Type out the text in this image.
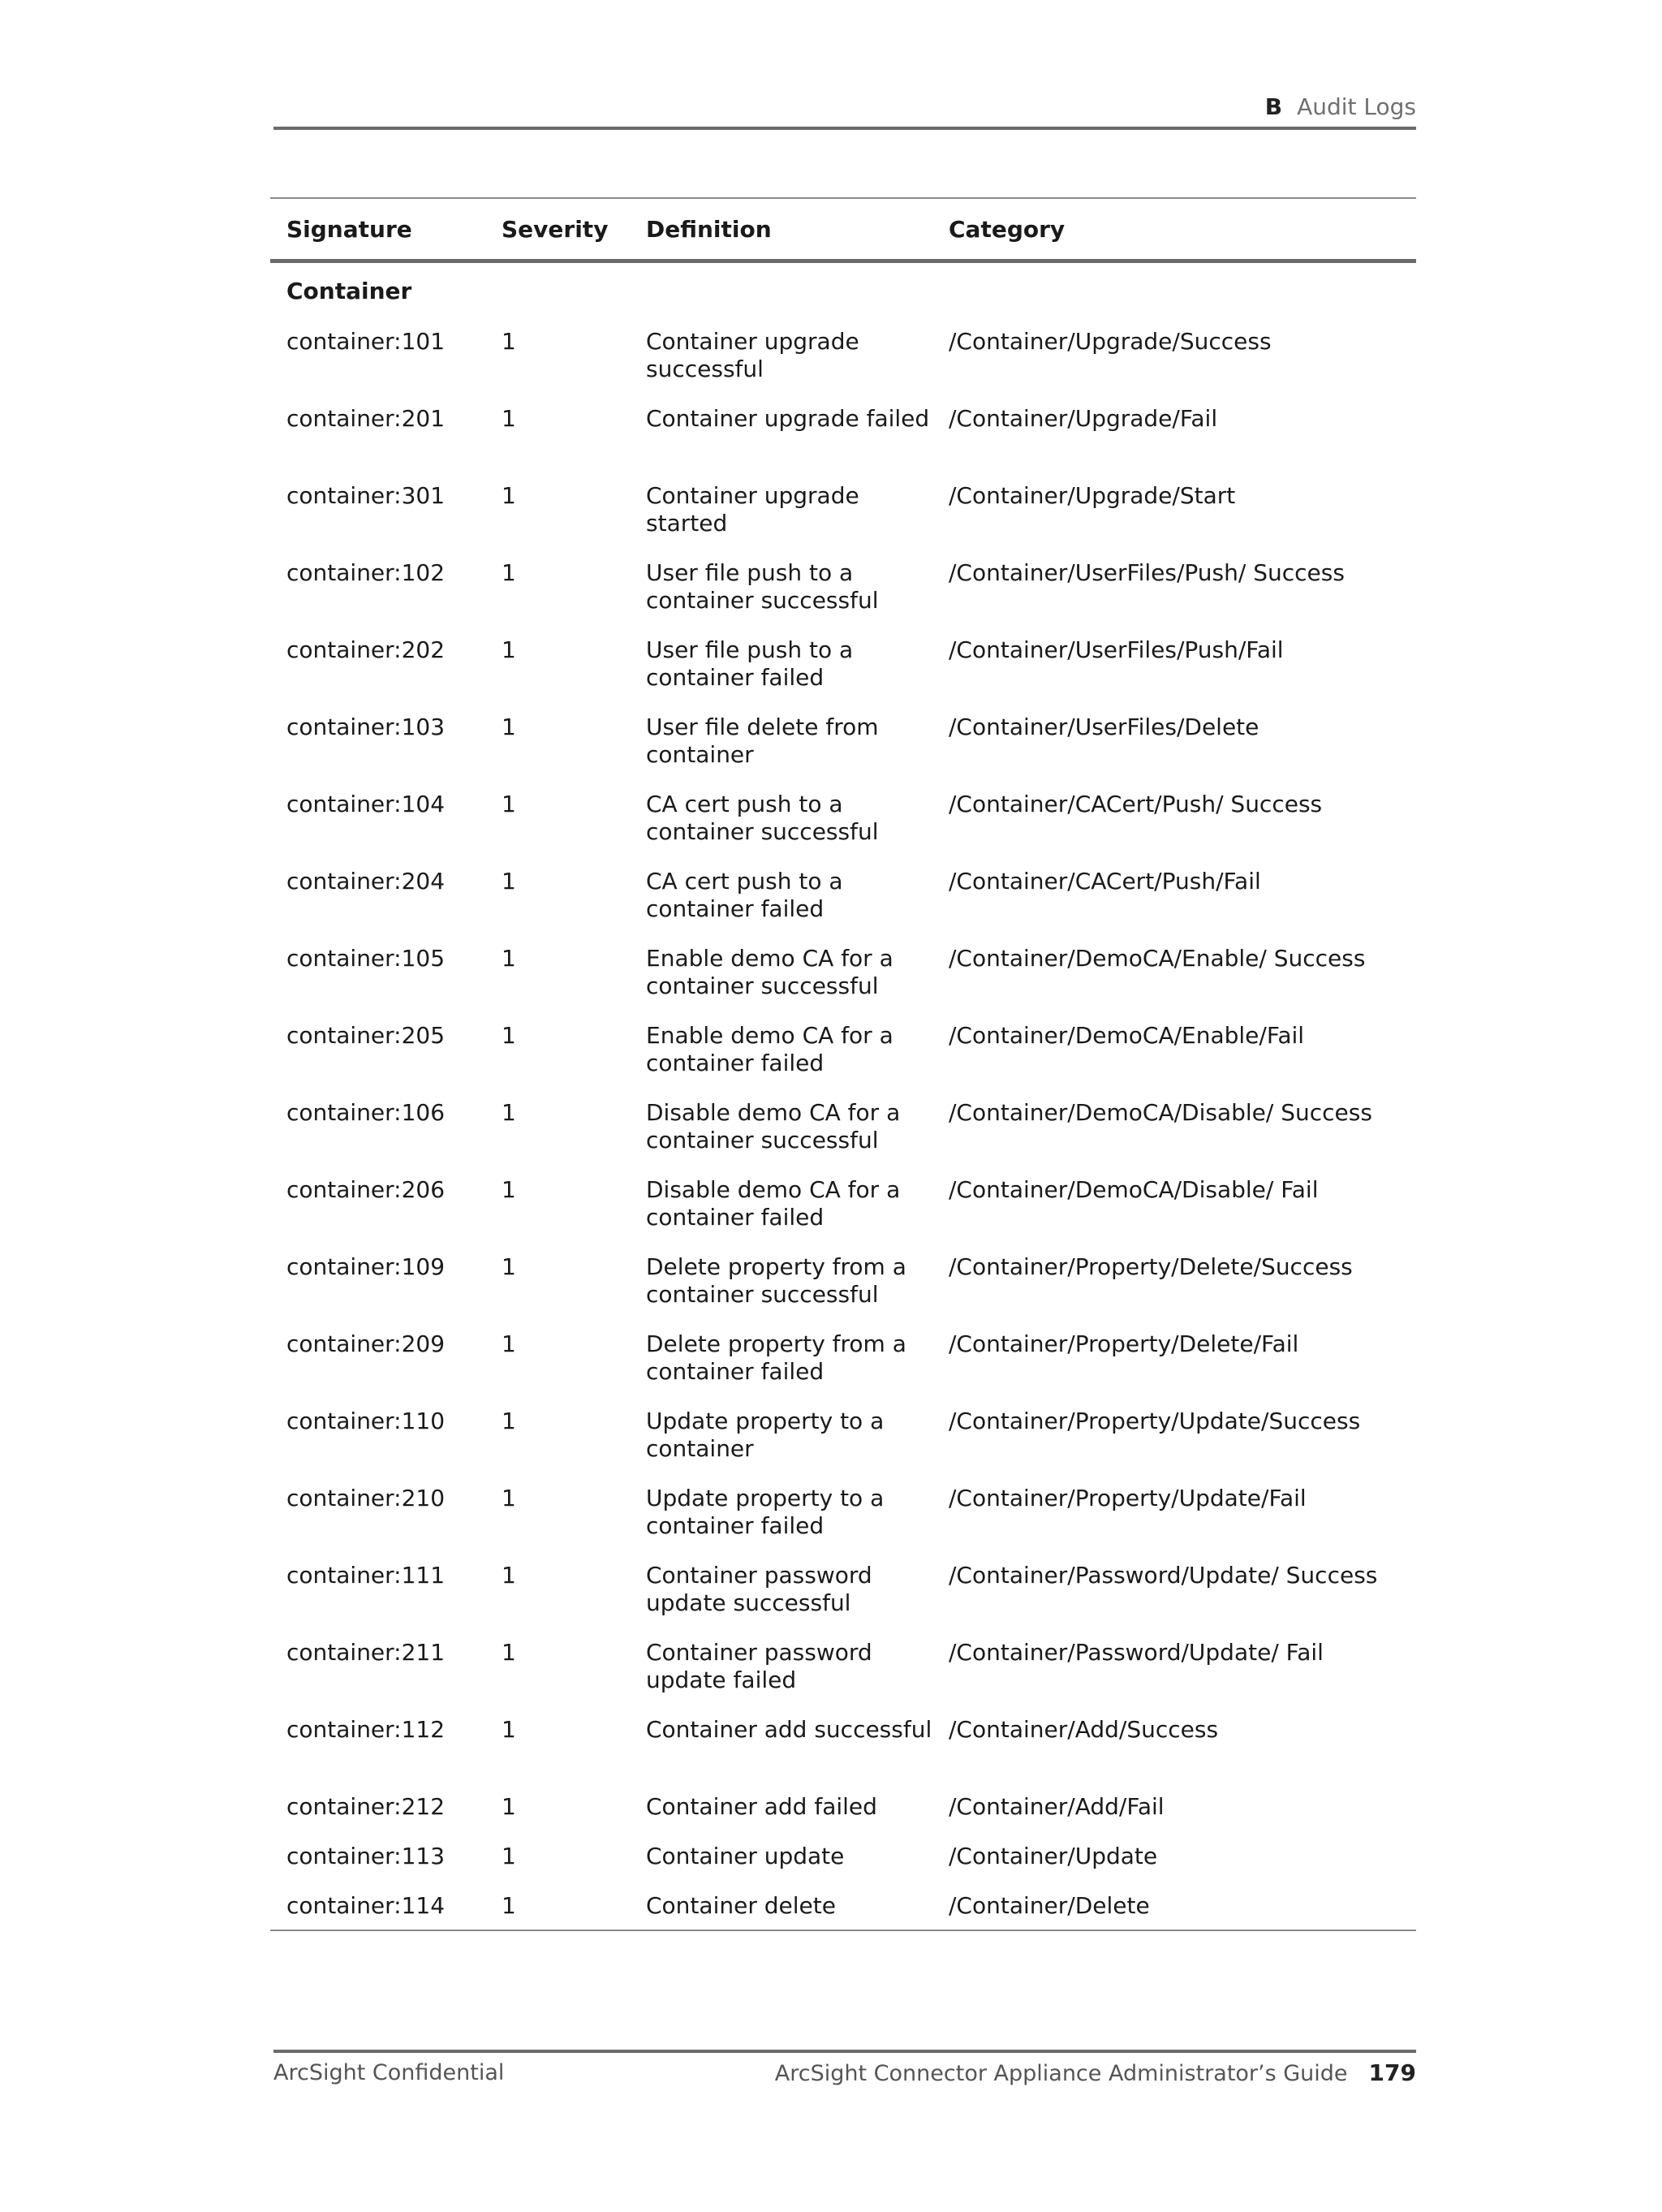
B Audit Logs
Signature	Severity	Definition	Category
Container			
container:101	1	Container upgrade successful	/Container/Upgrade/Success
container:201	1	Container upgrade failed	/Container/Upgrade/Fail
container:301	1	Container upgrade started	/Container/Upgrade/Start
container:102	1	User file push to a container successful	/Container/UserFiles/Push/ Success
container:202	1	User file push to a container failed	/Container/UserFiles/Push/Fail
container:103	1	User file delete from container	/Container/UserFiles/Delete
container:104	1	CA cert push to a container successful	/Container/CACert/Push/ Success
container:204	1	CA cert push to a container failed	/Container/CACert/Push/Fail
container:105	1	Enable demo CA for a container successful	/Container/DemoCA/Enable/ Success
container:205	1	Enable demo CA for a container failed	/Container/DemoCA/Enable/Fail
container:106	1	Disable demo CA for a container successful	/Container/DemoCA/Disable/ Success
container:206	1	Disable demo CA for a container failed	/Container/DemoCA/Disable/ Fail
container:109	1	Delete property from a container successful	/Container/Property/Delete/Success
container:209	1	Delete property from a container failed	/Container/Property/Delete/Fail
container:110	1	Update property to a container	/Container/Property/Update/Success
container:210	1	Update property to a container failed	/Container/Property/Update/Fail
container:111	1	Container password update successful	/Container/Password/Update/ Success
container:211	1	Container password update failed	/Container/Password/Update/ Fail
container:112	1	Container add successful	/Container/Add/Success
container:212	1	Container add failed	/Container/Add/Fail
container:113	1	Container update	/Container/Update
container:114	1	Container delete	/Container/Delete
ArcSight Confidential	ArcSight Connector Appliance Administrator’s Guide 179
